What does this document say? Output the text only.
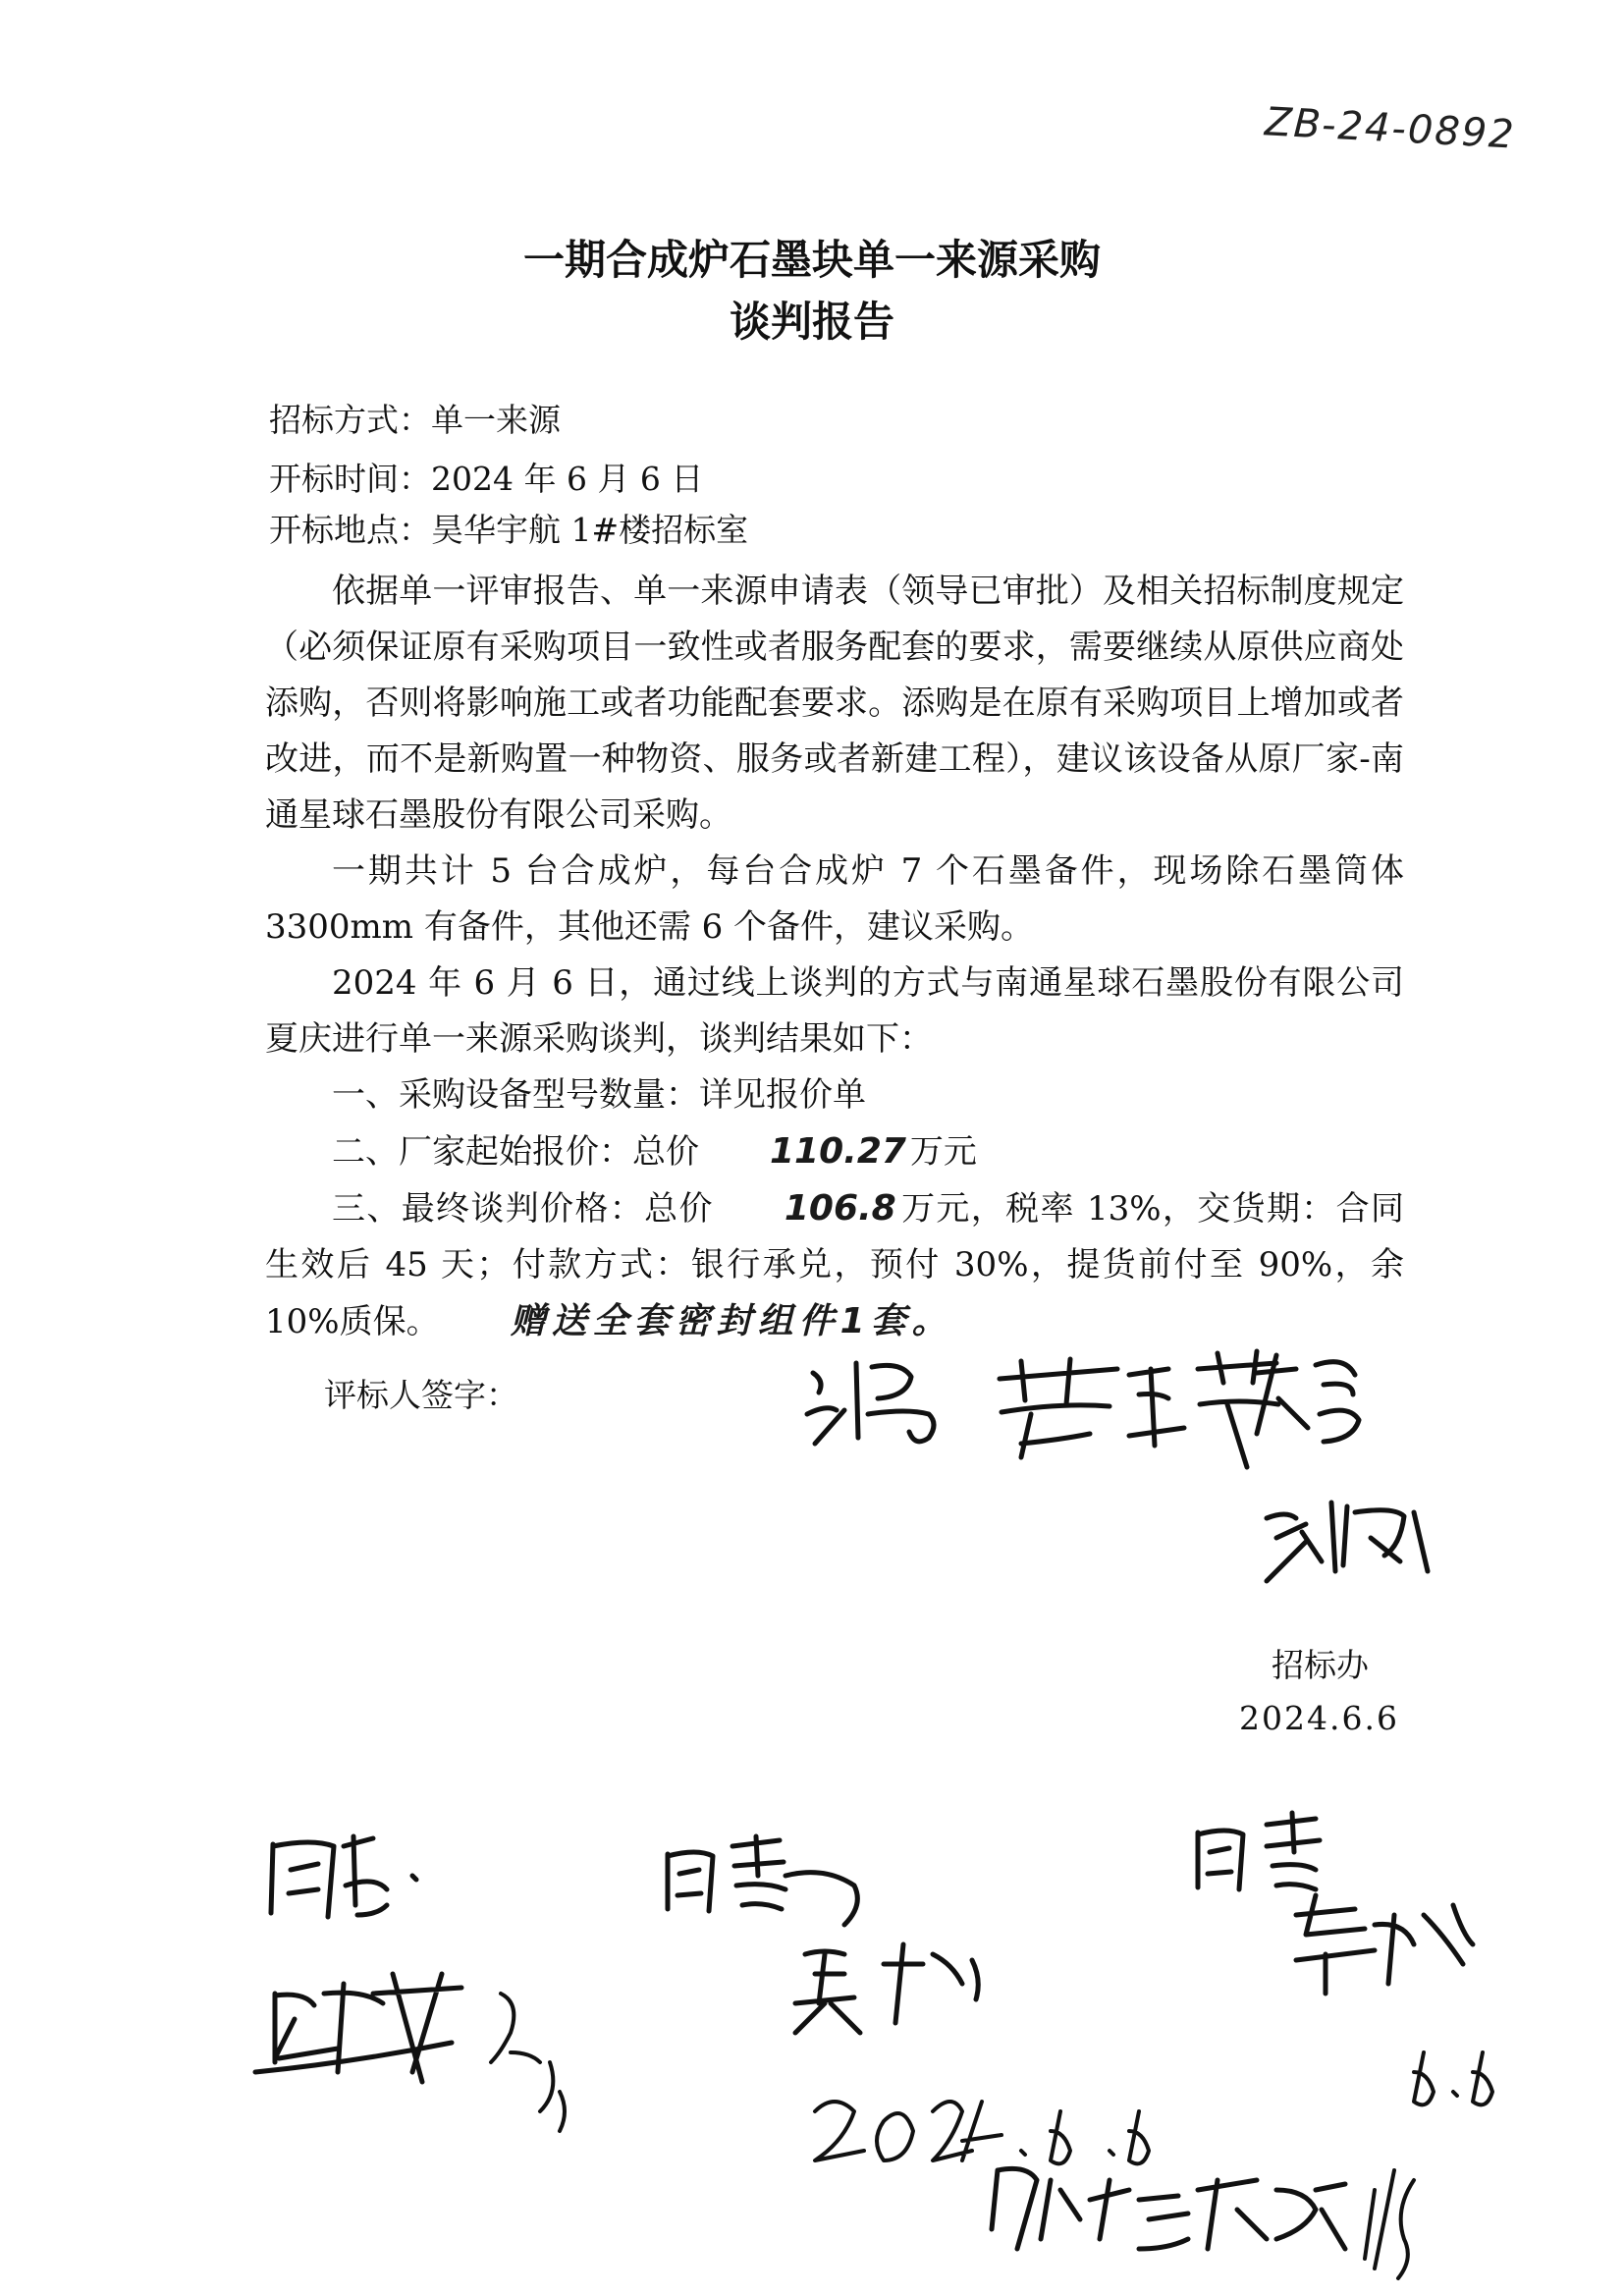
ZB-24-0892
一期合成炉石墨块单一来源采购
谈判报告
招标方式：单一来源
开标时间：2024 年 6 月 6 日
开标地点：昊华宇航 1#楼招标室

依据单一评审报告、单一来源申请表（领导已审批）及相关招标制度规定（必须保证原有采购项目一致性或者服务配套的要求，需要继续从原供应商处添购，否则将影响施工或者功能配套要求。添购是在原有采购项目上增加或者改进，而不是新购置一种物资、服务或者新建工程），建议该设备从原厂家-南通星球石墨股份有限公司采购。

一期共计 5 台合成炉，每台合成炉 7 个石墨备件，现场除石墨筒体 3300mm 有备件，其他还需 6 个备件，建议采购。

2024 年 6 月 6 日，通过线上谈判的方式与南通星球石墨股份有限公司夏庆进行单一来源采购谈判，谈判结果如下：

一、采购设备型号数量：详见报价单

二、厂家起始报价：总价 110.27 万元

三、最终谈判价格：总价 106.8 万元，税率 13%，交货期：合同生效后 45 天；付款方式：银行承兑，预付 30%，提货前付至 90%，余 10%质保。 赠送全套密封组件1套。

评标人签字：
招标办
2024.6.6
